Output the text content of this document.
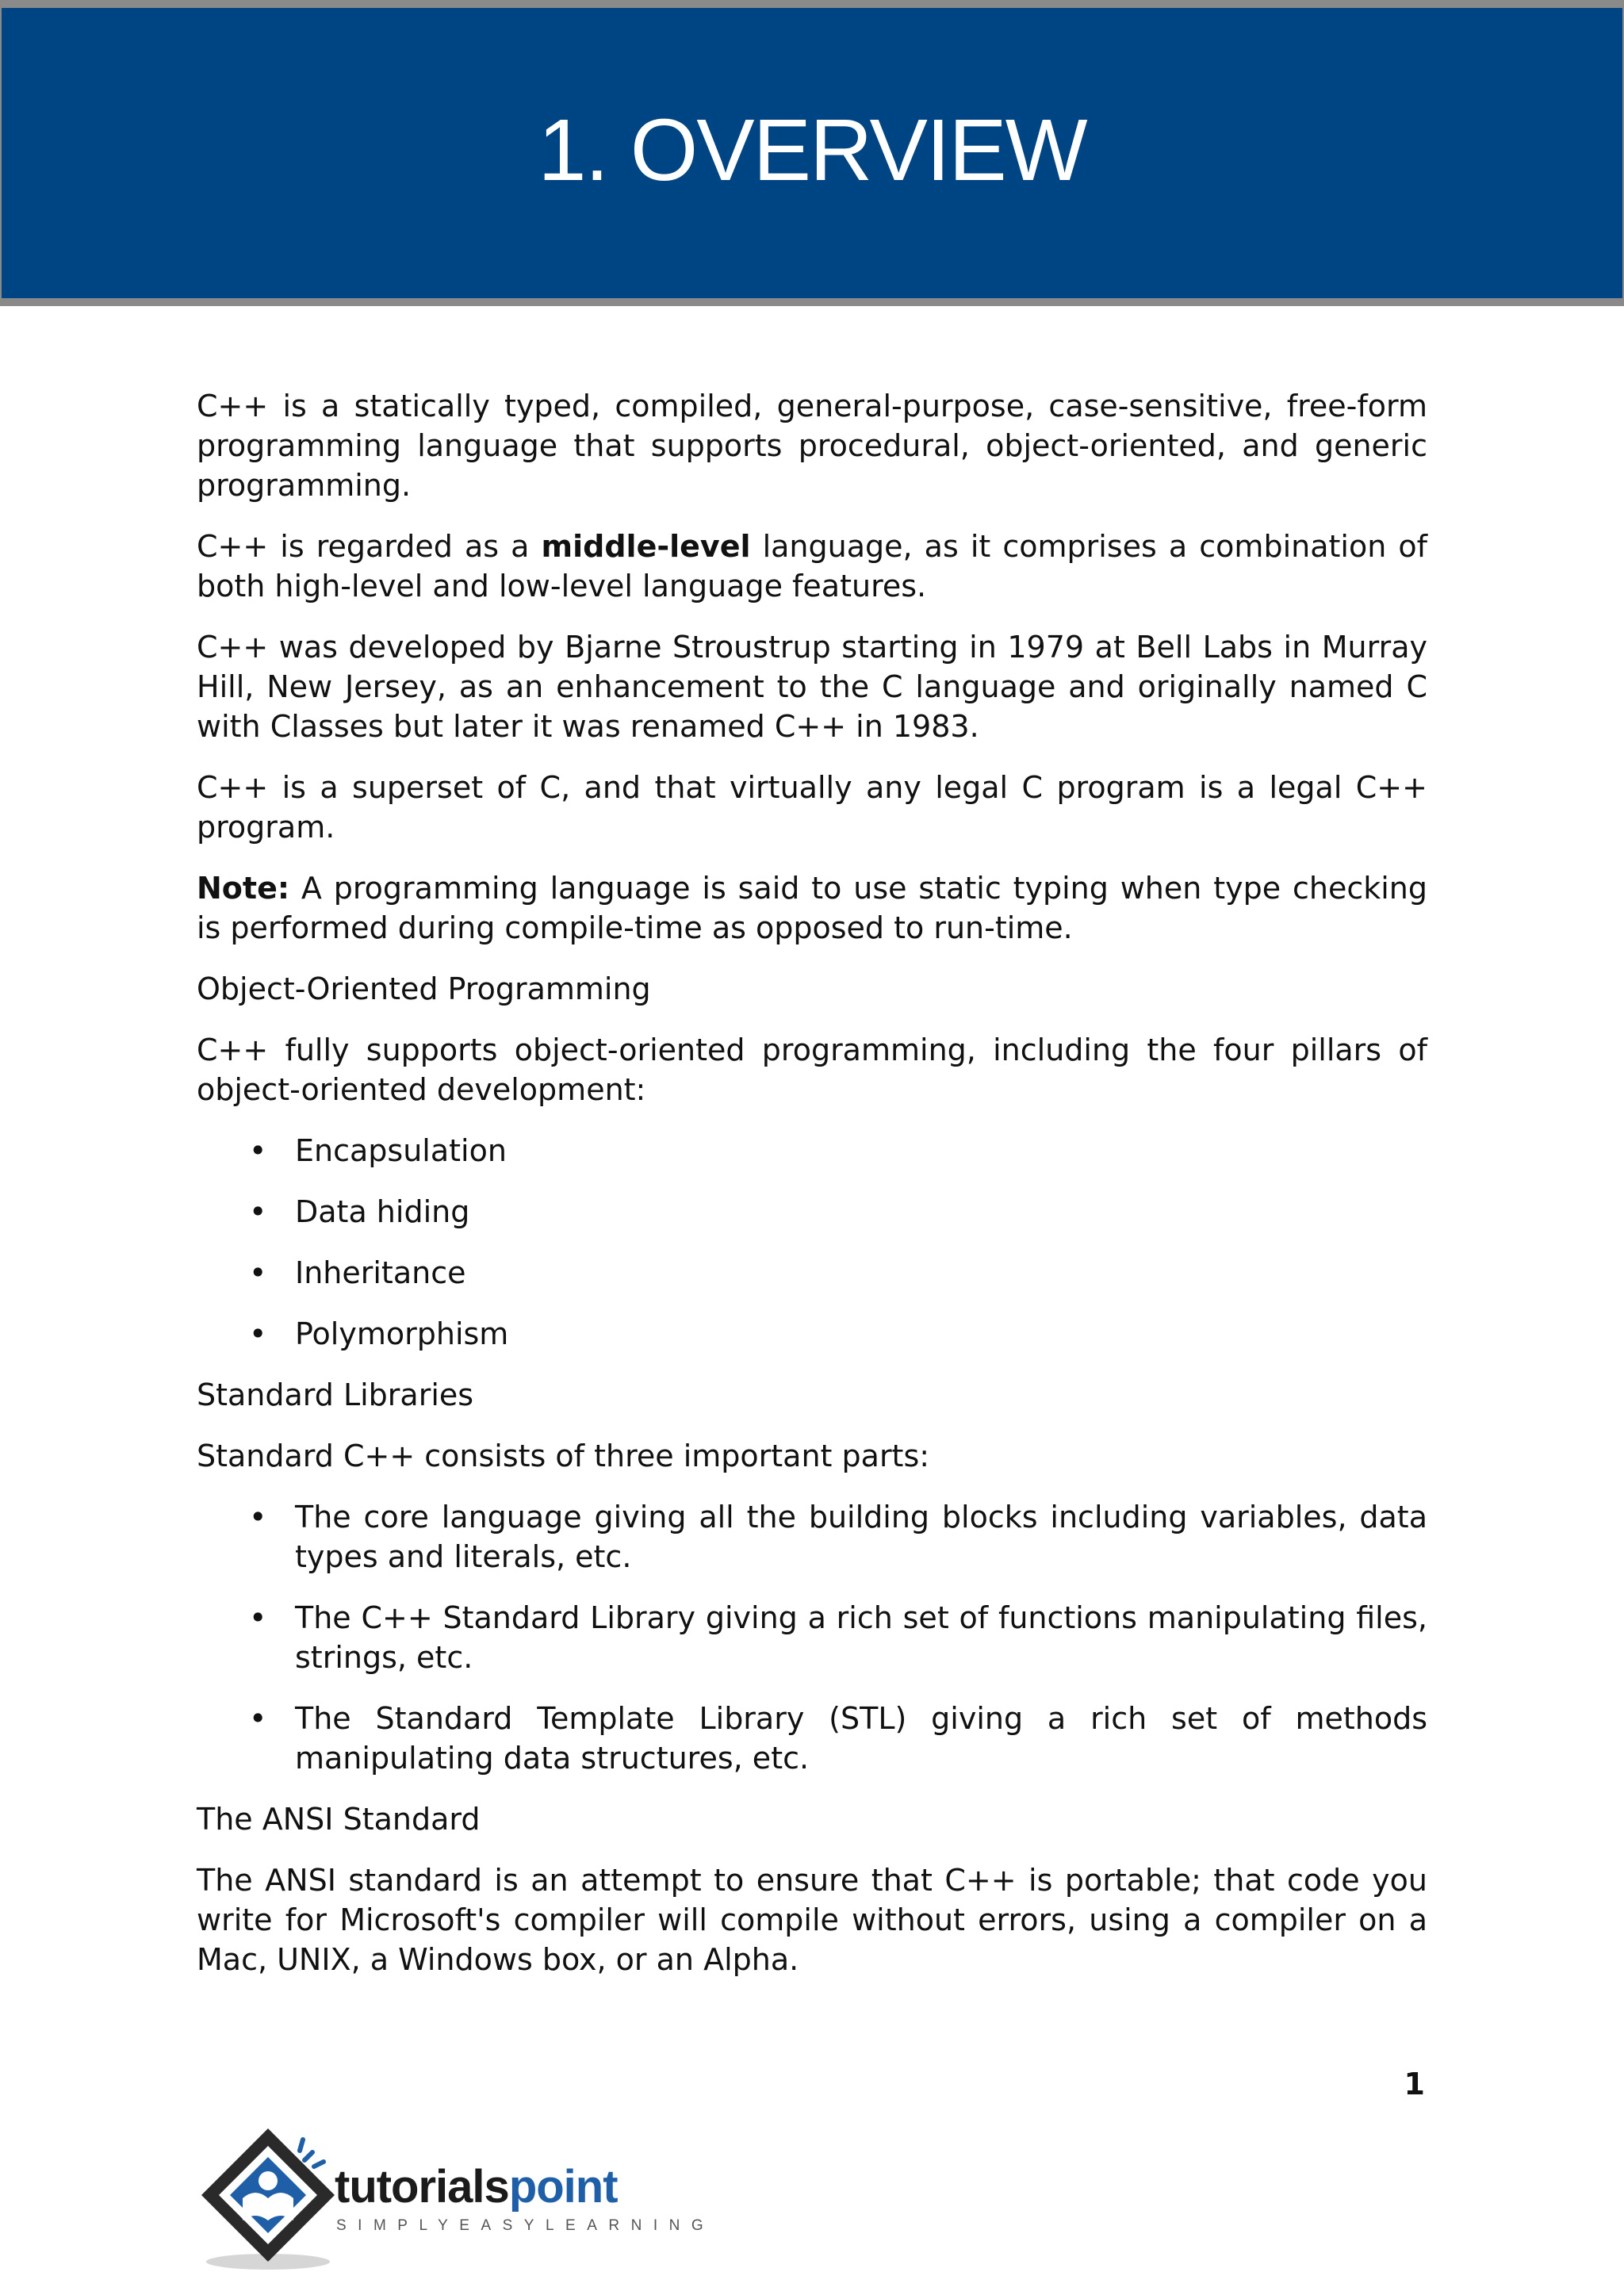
1. OVERVIEW

C++ is a statically typed, compiled, general-purpose, case-sensitive, free-form programming language that supports procedural, object-oriented, and generic programming.

C++ is regarded as a middle-level language, as it comprises a combination of both high-level and low-level language features.

C++ was developed by Bjarne Stroustrup starting in 1979 at Bell Labs in Murray Hill, New Jersey, as an enhancement to the C language and originally named C with Classes but later it was renamed C++ in 1983.

C++ is a superset of C, and that virtually any legal C program is a legal C++ program.

Note: A programming language is said to use static typing when type checking is performed during compile-time as opposed to run-time.

Object-Oriented Programming

C++ fully supports object-oriented programming, including the four pillars of object-oriented development:

• Encapsulation
• Data hiding
• Inheritance
• Polymorphism

Standard Libraries

Standard C++ consists of three important parts:

• The core language giving all the building blocks including variables, data types and literals, etc.
• The C++ Standard Library giving a rich set of functions manipulating files, strings, etc.
• The Standard Template Library (STL) giving a rich set of methods manipulating data structures, etc.

The ANSI Standard

The ANSI standard is an attempt to ensure that C++ is portable; that code you write for Microsoft's compiler will compile without errors, using a compiler on a Mac, UNIX, a Windows box, or an Alpha.

1
tutorialspoint
SIMPLYEASYLEARNING
